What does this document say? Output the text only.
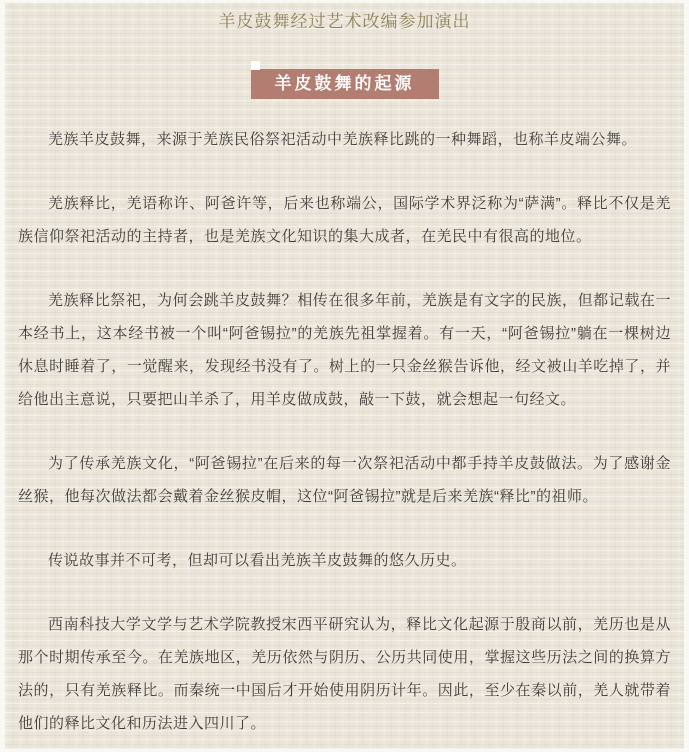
羊皮鼓舞经过艺术改编参加演出
羊皮鼓舞的起源

羌族羊皮鼓舞，来源于羌族民俗祭祀活动中羌族释比跳的一种舞蹈，也称羊皮端公舞。

羌族释比，羌语称许、阿爸许等，后来也称端公，国际学术界泛称为“萨满”。释比不仅是羌族信仰祭祀活动的主持者，也是羌族文化知识的集大成者，在羌民中有很高的地位。

羌族释比祭祀，为何会跳羊皮鼓舞？相传在很多年前，羌族是有文字的民族，但都记载在一本经书上，这本经书被一个叫“阿爸锡拉”的羌族先祖掌握着。有一天，“阿爸锡拉”躺在一棵树边休息时睡着了，一觉醒来，发现经书没有了。树上的一只金丝猴告诉他，经文被山羊吃掉了，并给他出主意说，只要把山羊杀了，用羊皮做成鼓，敲一下鼓，就会想起一句经文。

为了传承羌族文化，“阿爸锡拉”在后来的每一次祭祀活动中都手持羊皮鼓做法。为了感谢金丝猴，他每次做法都会戴着金丝猴皮帽，这位“阿爸锡拉”就是后来羌族“释比”的祖师。

传说故事并不可考，但却可以看出羌族羊皮鼓舞的悠久历史。

西南科技大学文学与艺术学院教授宋西平研究认为，释比文化起源于殷商以前，羌历也是从那个时期传承至今。在羌族地区，羌历依然与阴历、公历共同使用，掌握这些历法之间的换算方法的，只有羌族释比。而秦统一中国后才开始使用阴历计年。因此，至少在秦以前，羌人就带着他们的释比文化和历法进入四川了。
